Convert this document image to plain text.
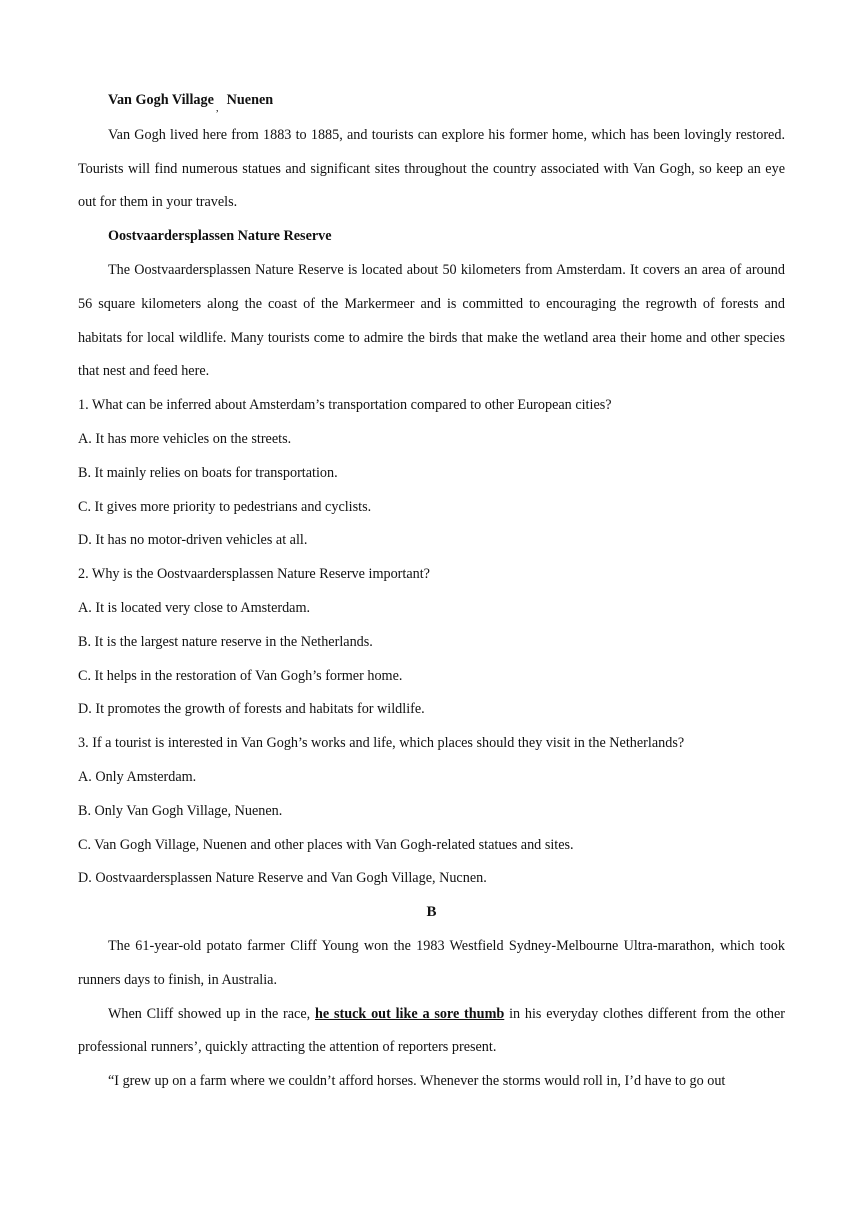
Van Gogh Village $_,$ Nuenen

Van Gogh lived here from 1883 to 1885, and tourists can explore his former home, which has been lovingly restored. Tourists will find numerous statues and significant sites throughout the country associated with Van Gogh, so keep an eye out for them in your travels.

Oostvaardersplassen Nature Reserve

The Oostvaardersplassen Nature Reserve is located about 50 kilometers from Amsterdam. It covers an area of around 56 square kilometers along the coast of the Markermeer and is committed to encouraging the regrowth of forests and habitats for local wildlife. Many tourists come to admire the birds that make the wetland area their home and other species that nest and feed here.

1. What can be inferred about Amsterdam’s transportation compared to other European cities?

A. It has more vehicles on the streets.

B. It mainly relies on boats for transportation.

C. It gives more priority to pedestrians and cyclists.

D. It has no motor-driven vehicles at all.

2. Why is the Oostvaardersplassen Nature Reserve important?

A. It is located very close to Amsterdam.

B. It is the largest nature reserve in the Netherlands.

C. It helps in the restoration of Van Gogh’s former home.

D. It promotes the growth of forests and habitats for wildlife.

3. If a tourist is interested in Van Gogh’s works and life, which places should they visit in the Netherlands?

A. Only Amsterdam.

B. Only Van Gogh Village, Nuenen.

C. Van Gogh Village, Nuenen and other places with Van Gogh-related statues and sites.

D. Oostvaardersplassen Nature Reserve and Van Gogh Village, Nucnen.

B

The 61-year-old potato farmer Cliff Young won the 1983 Westfield Sydney-Melbourne Ultra-marathon, which took runners days to finish, in Australia.

When Cliff showed up in the race, he stuck out like a sore thumb in his everyday clothes different from the other professional runners’, quickly attracting the attention of reporters present.

“I grew up on a farm where we couldn’t afford horses. Whenever the storms would roll in, I’d have to go out
